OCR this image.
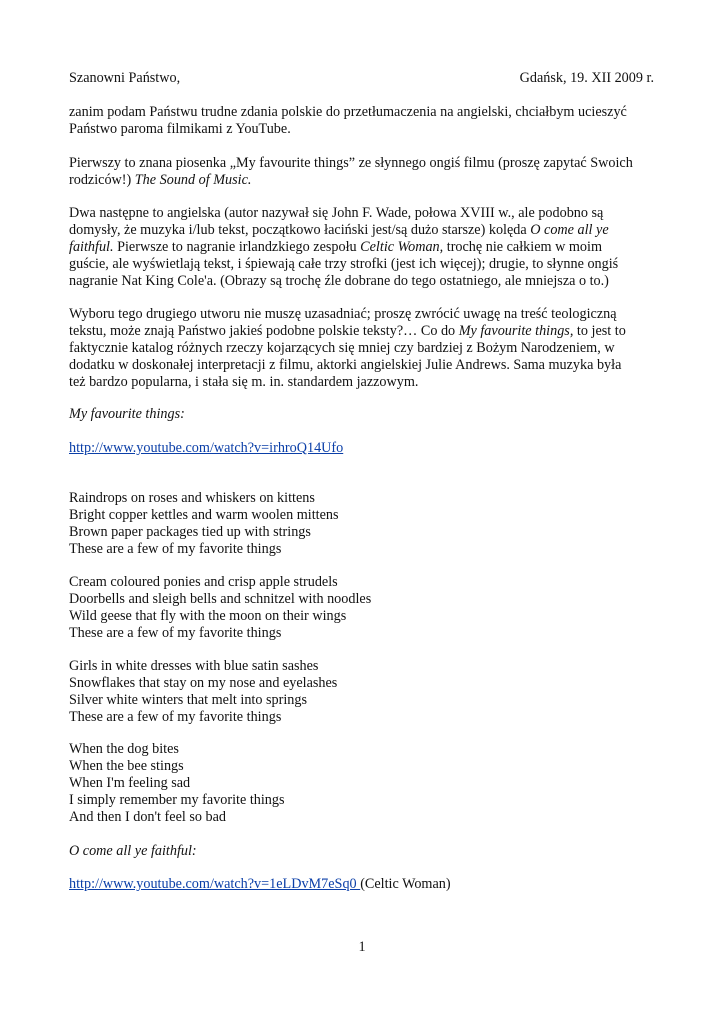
Szanowni Państwo,	Gdańsk, 19. XII 2009 r.
zanim podam Państwu trudne zdania polskie do przetłumaczenia na angielski, chciałbym ucieszyć
Państwo paroma filmikami z YouTube.
Pierwszy to znana piosenka „My favourite things” ze słynnego ongiś filmu (proszę zapytać Swoich
rodziców!) The Sound of Music.
Dwa następne to angielska (autor nazywał się John F. Wade, połowa XVIII w., ale podobno są
domysły, że muzyka i/lub tekst, początkowo łaciński jest/są dużo starsze) kolęda O come all ye
faithful. Pierwsze to nagranie irlandzkiego zespołu Celtic Woman, trochę nie całkiem w moim
guście, ale wyświetlają tekst, i śpiewają całe trzy strofki (jest ich więcej); drugie, to słynne ongiś
nagranie Nat King Cole'a. (Obrazy są trochę źle dobrane do tego ostatniego, ale mniejsza o to.)
Wyboru tego drugiego utworu nie muszę uzasadniać; proszę zwrócić uwagę na treść teologiczną
tekstu, może znają Państwo jakieś podobne polskie teksty?… Co do My favourite things, to jest to
faktycznie katalog różnych rzeczy kojarzących się mniej czy bardziej z Bożym Narodzeniem, w
dodatku w doskonałej interpretacji z filmu, aktorki angielskiej Julie Andrews. Sama muzyka była
też bardzo popularna, i stała się m. in. standardem jazzowym.
My favourite things:
http://www.youtube.com/watch?v=irhroQ14Ufo
Raindrops on roses and whiskers on kittens
Bright copper kettles and warm woolen mittens
Brown paper packages tied up with strings
These are a few of my favorite things
Cream coloured ponies and crisp apple strudels
Doorbells and sleigh bells and schnitzel with noodles
Wild geese that fly with the moon on their wings
These are a few of my favorite things
Girls in white dresses with blue satin sashes
Snowflakes that stay on my nose and eyelashes
Silver white winters that melt into springs
These are a few of my favorite things
When the dog bites
When the bee stings
When I'm feeling sad
I simply remember my favorite things
And then I don't feel so bad
O come all ye faithful:
http://www.youtube.com/watch?v=1eLDvM7eSq0 (Celtic Woman)
1
